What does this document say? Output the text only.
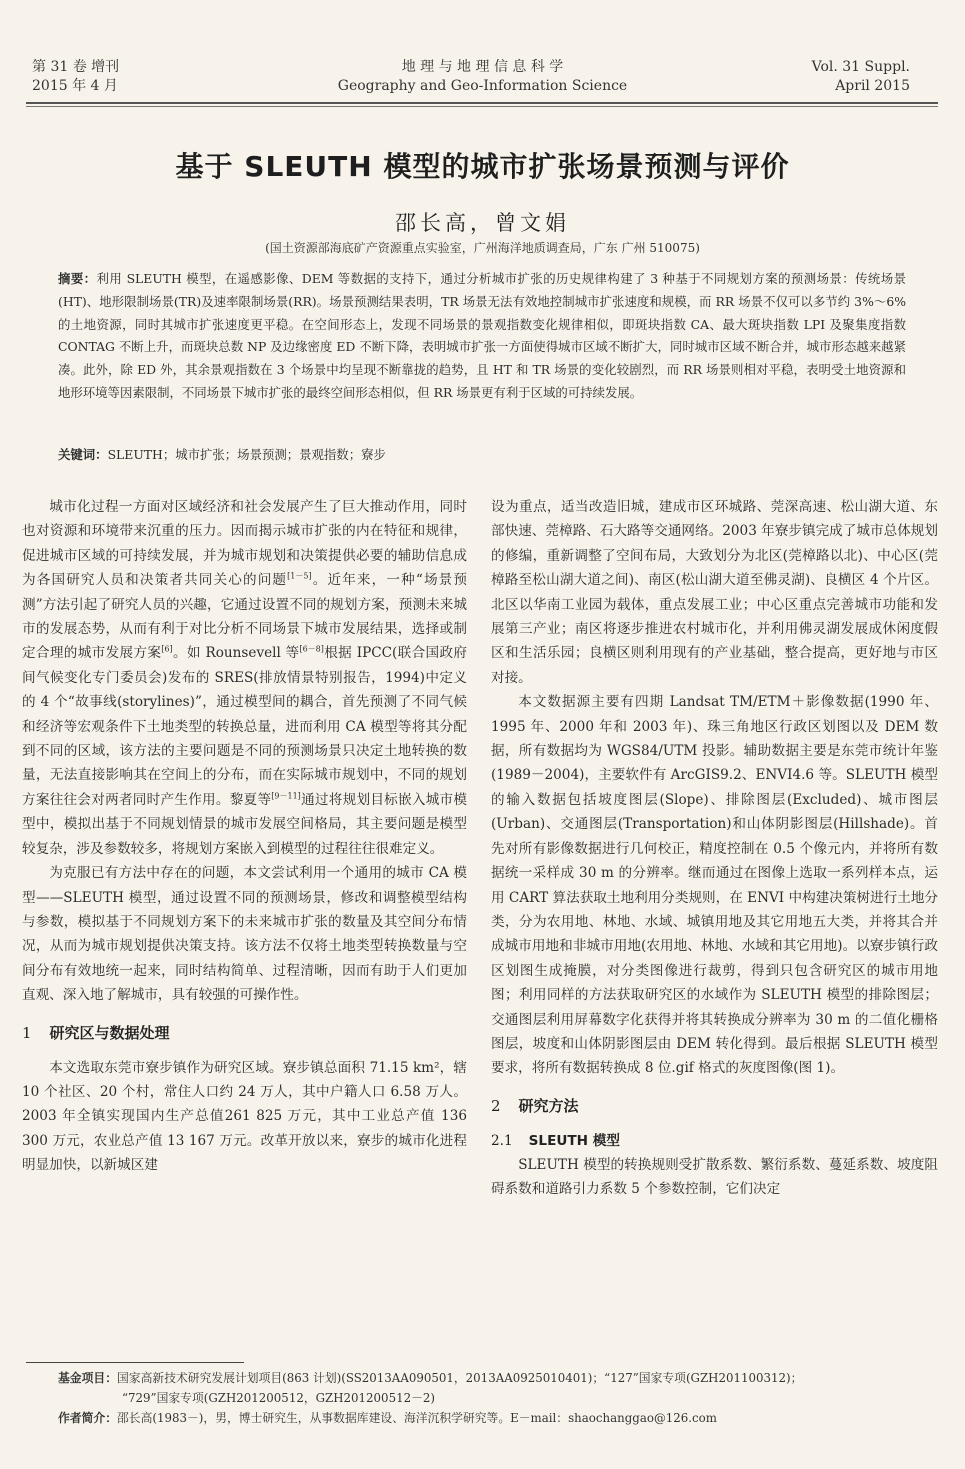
第 31 卷 增刊
2015 年 4 月
地 理 与 地 理 信 息 科 学
Geography and Geo-Information Science
Vol. 31 Suppl.
April 2015
基于 SLEUTH 模型的城市扩张场景预测与评价
邵长高，曾文娟
(国土资源部海底矿产资源重点实验室，广州海洋地质调查局，广东 广州 510075)
摘要：利用 SLEUTH 模型，在遥感影像、DEM 等数据的支持下，通过分析城市扩张的历史规律构建了 3 种基于不同规划方案的预测场景：传统场景(HT)、地形限制场景(TR)及速率限制场景(RR)。场景预测结果表明，TR 场景无法有效地控制城市扩张速度和规模，而 RR 场景不仅可以多节约 3%～6% 的土地资源，同时其城市扩张速度更平稳。在空间形态上，发现不同场景的景观指数变化规律相似，即斑块指数 CA、最大斑块指数 LPI 及聚集度指数 CONTAG 不断上升，而斑块总数 NP 及边缘密度 ED 不断下降，表明城市扩张一方面使得城市区域不断扩大，同时城市区域不断合并，城市形态越来越紧凑。此外，除 ED 外，其余景观指数在 3 个场景中均呈现不断靠拢的趋势，且 HT 和 TR 场景的变化较剧烈，而 RR 场景则相对平稳，表明受土地资源和地形环境等因素限制，不同场景下城市扩张的最终空间形态相似，但 RR 场景更有利于区域的可持续发展。
关键词：SLEUTH；城市扩张；场景预测；景观指数；寮步

城市化过程一方面对区域经济和社会发展产生了巨大推动作用，同时也对资源和环境带来沉重的压力。因而揭示城市扩张的内在特征和规律，促进城市区域的可持续发展，并为城市规划和决策提供必要的辅助信息成为各国研究人员和决策者共同关心的问题[1－5]。近年来，一种“场景预测”方法引起了研究人员的兴趣，它通过设置不同的规划方案，预测未来城市的发展态势，从而有利于对比分析不同场景下城市发展结果，选择或制定合理的城市发展方案[6]。如 Rounsevell 等[6－8]根据 IPCC(联合国政府间气候变化专门委员会)发布的 SRES(排放情景特别报告，1994)中定义的 4 个“故事线(storylines)”，通过模型间的耦合，首先预测了不同气候和经济等宏观条件下土地类型的转换总量，进而利用 CA 模型等将其分配到不同的区域，该方法的主要问题是不同的预测场景只决定土地转换的数量，无法直接影响其在空间上的分布，而在实际城市规划中，不同的规划方案往往会对两者同时产生作用。黎夏等[9－11]通过将规划目标嵌入城市模型中，模拟出基于不同规划情景的城市发展空间格局，其主要问题是模型较复杂，涉及参数较多，将规划方案嵌入到模型的过程往往很难定义。

为克服已有方法中存在的问题，本文尝试利用一个通用的城市 CA 模型——SLEUTH 模型，通过设置不同的预测场景，修改和调整模型结构与参数，模拟基于不同规划方案下的未来城市扩张的数量及其空间分布情况，从而为城市规划提供决策支持。该方法不仅将土地类型转换数量与空间分布有效地统一起来，同时结构简单、过程清晰，因而有助于人们更加直观、深入地了解城市，具有较强的可操作性。

1 研究区与数据处理

本文选取东莞市寮步镇作为研究区域。寮步镇总面积 71.15 km²，辖 10 个社区、20 个村，常住人口约 24 万人，其中户籍人口 6.58 万人。2003 年全镇实现国内生产总值261 825 万元，其中工业总产值 136 300 万元，农业总产值 13 167 万元。改革开放以来，寮步的城市化进程明显加快，以新城区建

设为重点，适当改造旧城，建成市区环城路、莞深高速、松山湖大道、东部快速、莞樟路、石大路等交通网络。2003 年寮步镇完成了城市总体规划的修编，重新调整了空间布局，大致划分为北区(莞樟路以北)、中心区(莞樟路至松山湖大道之间)、南区(松山湖大道至佛灵湖)、良横区 4 个片区。北区以华南工业园为载体，重点发展工业；中心区重点完善城市功能和发展第三产业；南区将逐步推进农村城市化，并利用佛灵湖发展成休闲度假区和生活乐园；良横区则利用现有的产业基础，整合提高，更好地与市区对接。

本文数据源主要有四期 Landsat TM/ETM＋影像数据(1990 年、1995 年、2000 年和 2003 年)、珠三角地区行政区划图以及 DEM 数据，所有数据均为 WGS84/UTM 投影。辅助数据主要是东莞市统计年鉴(1989－2004)，主要软件有 ArcGIS9.2、ENVI4.6 等。SLEUTH 模型的输入数据包括坡度图层(Slope)、排除图层(Excluded)、城市图层(Urban)、交通图层(Transportation)和山体阴影图层(Hillshade)。首先对所有影像数据进行几何校正，精度控制在 0.5 个像元内，并将所有数据统一采样成 30 m 的分辨率。继而通过在图像上选取一系列样本点，运用 CART 算法获取土地利用分类规则，在 ENVI 中构建决策树进行土地分类，分为农用地、林地、水域、城镇用地及其它用地五大类，并将其合并成城市用地和非城市用地(农用地、林地、水域和其它用地)。以寮步镇行政区划图生成掩膜，对分类图像进行裁剪，得到只包含研究区的城市用地图；利用同样的方法获取研究区的水域作为 SLEUTH 模型的排除图层；交通图层利用屏幕数字化获得并将其转换成分辨率为 30 m 的二值化栅格图层，坡度和山体阴影图层由 DEM 转化得到。最后根据 SLEUTH 模型要求，将所有数据转换成 8 位.gif 格式的灰度图像(图 1)。

2 研究方法
2.1 SLEUTH 模型

SLEUTH 模型的转换规则受扩散系数、繁衍系数、蔓延系数、坡度阻碍系数和道路引力系数 5 个参数控制，它们决定

基金项目：国家高新技术研究发展计划项目(863 计划)(SS2013AA090501，2013AA0925010401)；“127”国家专项(GZH201100312)；
“729”国家专项(GZH201200512，GZH201200512－2)
作者简介：邵长高(1983－)，男，博士研究生，从事数据库建设、海洋沉积学研究等。E－mail：shaochanggao@126.com
